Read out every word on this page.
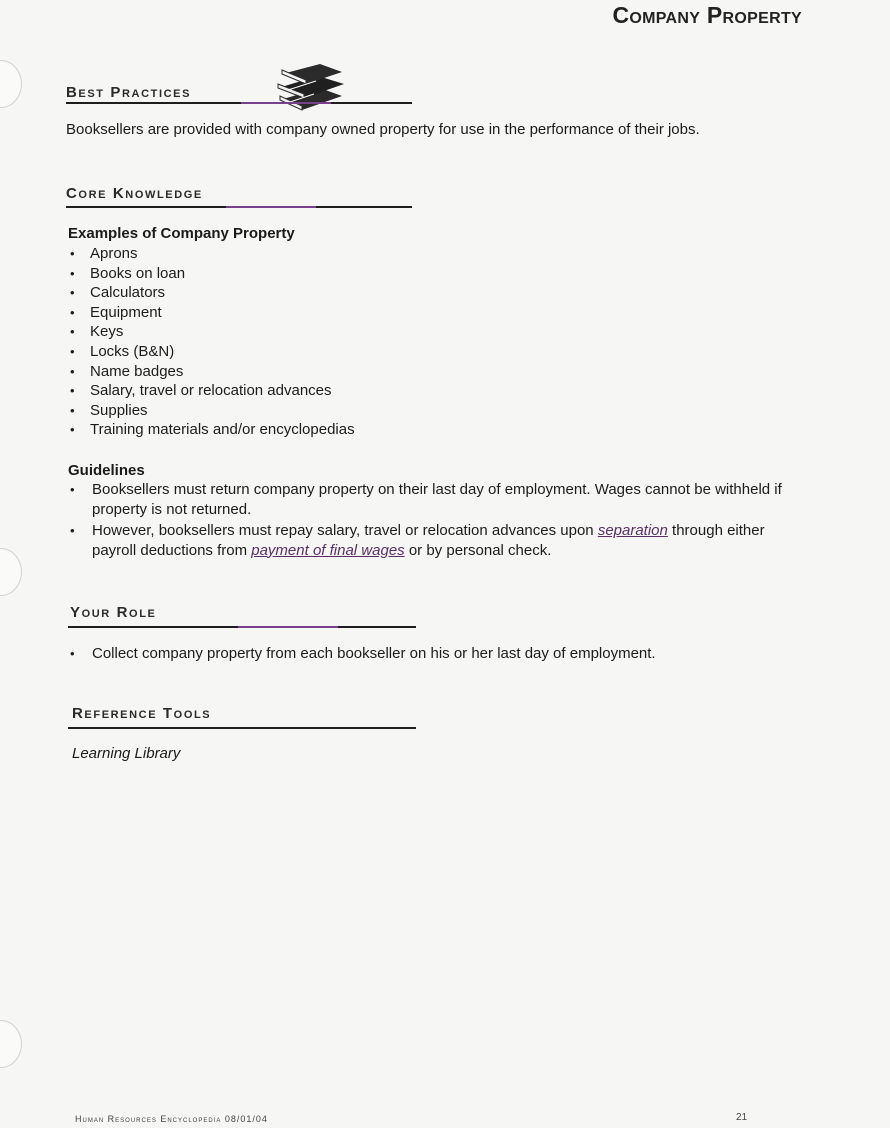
Company Property
Best Practices
Booksellers are provided with company owned property for use in the performance of their jobs.
Core Knowledge
Examples of Company Property
• Aprons
• Books on loan
• Calculators
• Equipment
• Keys
• Locks (B&N)
• Name badges
• Salary, travel or relocation advances
• Supplies
• Training materials and/or encyclopedias
Guidelines
• Booksellers must return company property on their last day of employment. Wages cannot be withheld if property is not returned.
• However, booksellers must repay salary, travel or relocation advances upon separation through either payroll deductions from payment of final wages or by personal check.
Your Role
• Collect company property from each bookseller on his or her last day of employment.
Reference Tools
Learning Library
Human Resources Encyclopedia 08/01/04	21
